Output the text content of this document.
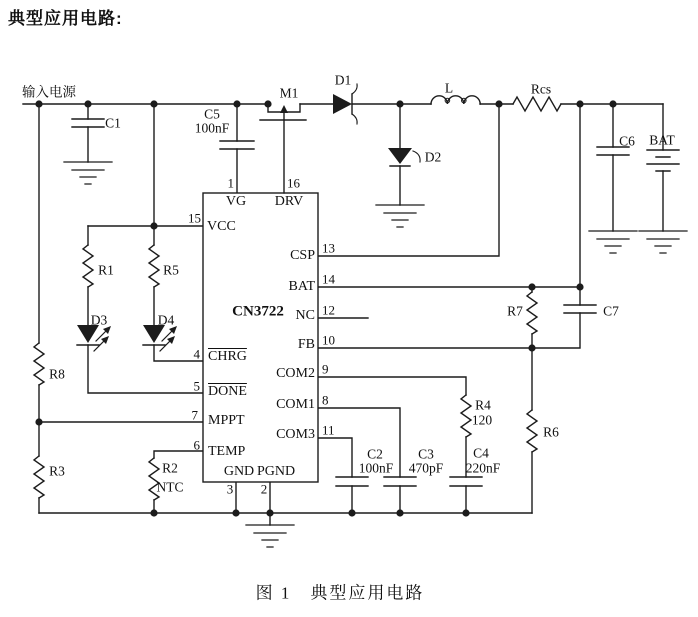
典型应用电路:
输入电源
图 1　典型应用电路
C1
C5
100nF
M1
D1
D2
L	Rcs
C6 BAT
R1	R5
D3	D4
R8
R3	R2
NTC
C2
100nF
C3
470pF
C4
220nF
R4
120
R6
R7	C7
VG DRV
VCC
CSP
BAT
NC
FB
CN3722
CHRG
DONE
MPPT
TEMP
COM2
COM1
COM3
GND PGND
1	16
15
13
14
12
10
9
8
11
4
5
7
6
3 2
